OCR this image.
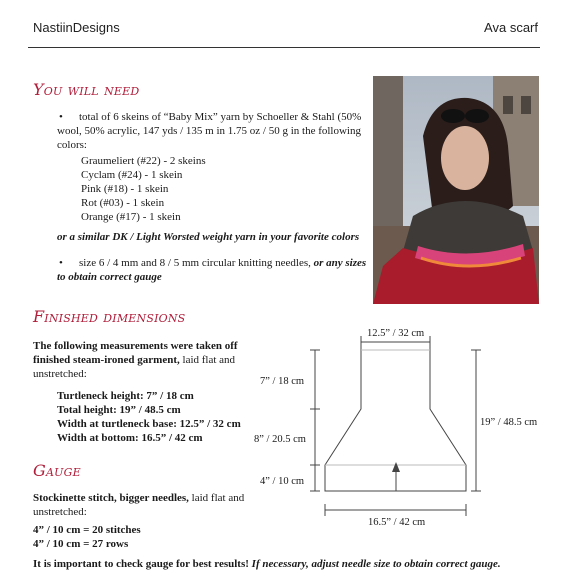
NastiinDesigns	Ava scarf
You will need
• total of 6 skeins of “Baby Mix” yarn by Schoeller & Stahl (50%
wool, 50% acrylic, 147 yds / 135 m in 1.75 oz / 50 g in the following
colors:
Graumeliert (#22) - 2 skeins
Cyclam (#24) - 1 skein
Pink (#18) - 1 skein
Rot (#03) - 1 skein
Orange (#17) - 1 skein
or a similar DK / Light Worsted weight yarn in your favorite colors
• size 6 / 4 mm and 8 / 5 mm circular knitting needles, or any sizes
to obtain correct gauge
Finished dimensions
The following measurements were taken off
finished steam-ironed garment, laid flat and
unstretched:
Turtleneck height: 7” / 18 cm
Total height: 19” / 48.5 cm
Width at turtleneck base: 12.5” / 32 cm
Width at bottom: 16.5” / 42 cm
Gauge
Stockinette stitch, bigger needles, laid flat and
unstretched:
4” / 10 cm = 20 stitches
4” / 10 cm = 27 rows
It is important to check gauge for best results! If necessary, adjust needle size to obtain correct gauge.
12.5” / 32 cm
7” / 18 cm
8” / 20.5 cm
4” / 10 cm
19” / 48.5 cm
16.5” / 42 cm
